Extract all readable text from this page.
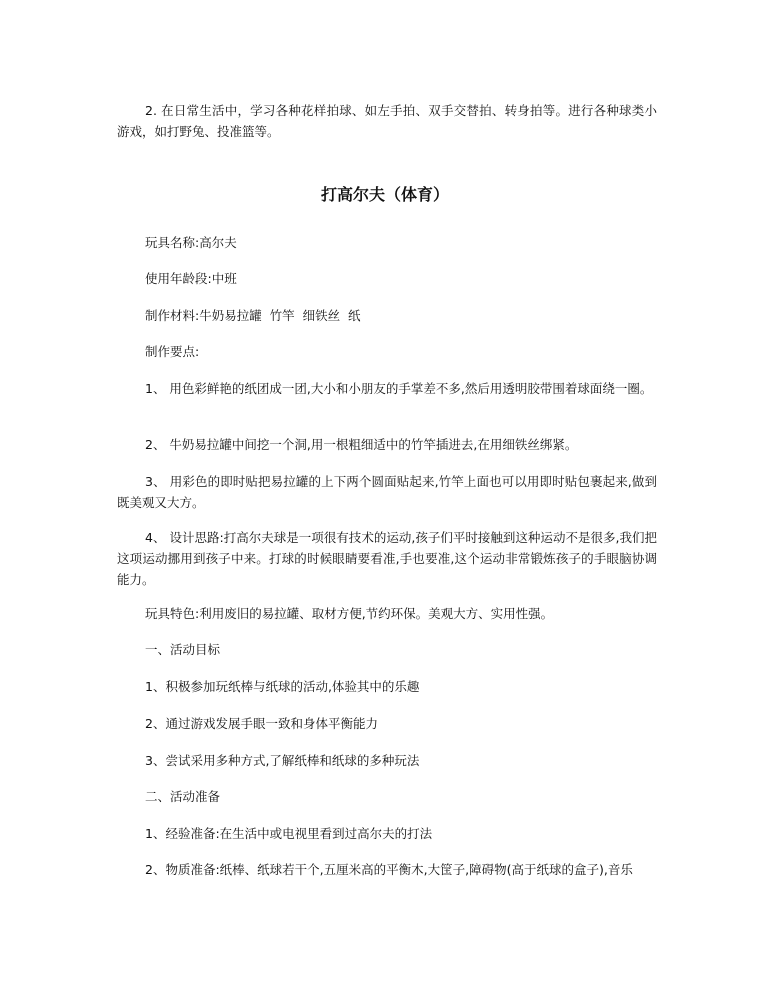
2. 在日常生活中，学习各种花样拍球、如左手拍、双手交替拍、转身拍等。进行各种球类小游戏，如打野兔、投准篮等。

打高尔夫（体育）

玩具名称:高尔夫

使用年龄段:中班

制作材料:牛奶易拉罐  竹竿  细铁丝  纸

制作要点:

1、 用色彩鲜艳的纸团成一团,大小和小朋友的手掌差不多,然后用透明胶带围着球面绕一圈。

2、 牛奶易拉罐中间挖一个洞,用一根粗细适中的竹竿插进去,在用细铁丝绑紧。

3、 用彩色的即时贴把易拉罐的上下两个圆面贴起来,竹竿上面也可以用即时贴包裹起来,做到既美观又大方。

4、 设计思路:打高尔夫球是一项很有技术的运动,孩子们平时接触到这种运动不是很多,我们把这项运动挪用到孩子中来。打球的时候眼睛要看准,手也要准,这个运动非常锻炼孩子的手眼脑协调能力。

玩具特色:利用废旧的易拉罐、取材方便,节约环保。美观大方、实用性强。

一、活动目标

1、积极参加玩纸棒与纸球的活动,体验其中的乐趣

2、通过游戏发展手眼一致和身体平衡能力

3、尝试采用多种方式,了解纸棒和纸球的多种玩法

二、活动准备

1、经验准备:在生活中或电视里看到过高尔夫的打法

2、物质准备:纸棒、纸球若干个,五厘米高的平衡木,大筐子,障碍物(高于纸球的盒子),音乐
